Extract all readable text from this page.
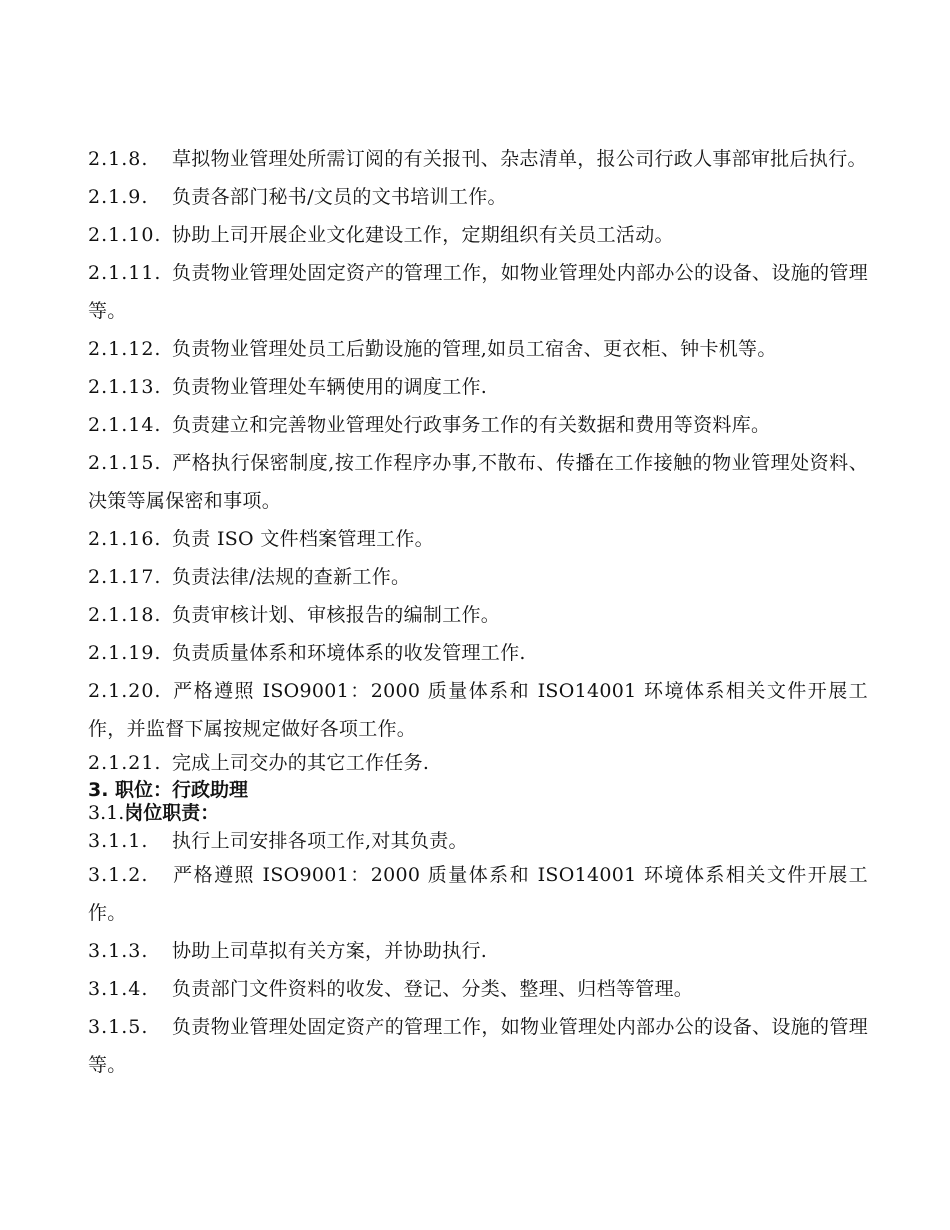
2.1.8. 草拟物业管理处所需订阅的有关报刊、杂志清单，报公司行政人事部审批后执行。

2.1.9. 负责各部门秘书/文员的文书培训工作。

2.1.10. 协助上司开展企业文化建设工作，定期组织有关员工活动。

2.1.11. 负责物业管理处固定资产的管理工作，如物业管理处内部办公的设备、设施的管理等。

2.1.12. 负责物业管理处员工后勤设施的管理,如员工宿舍、更衣柜、钟卡机等。

2.1.13. 负责物业管理处车辆使用的调度工作.

2.1.14. 负责建立和完善物业管理处行政事务工作的有关数据和费用等资料库。

2.1.15. 严格执行保密制度,按工作程序办事,不散布、传播在工作接触的物业管理处资料、决策等属保密和事项。

2.1.16. 负责 ISO 文件档案管理工作。

2.1.17. 负责法律/法规的查新工作。

2.1.18. 负责审核计划、审核报告的编制工作。

2.1.19. 负责质量体系和环境体系的收发管理工作.

2.1.20. 严格遵照 ISO9001：2000 质量体系和 ISO14001 环境体系相关文件开展工作，并监督下属按规定做好各项工作。

2.1.21. 完成上司交办的其它工作任务.

3. 职位：行政助理
3.1.岗位职责：

3.1.1. 执行上司安排各项工作,对其负责。

3.1.2. 严格遵照 ISO9001：2000 质量体系和 ISO14001 环境体系相关文件开展工作。

3.1.3. 协助上司草拟有关方案，并协助执行.

3.1.4. 负责部门文件资料的收发、登记、分类、整理、归档等管理。

3.1.5. 负责物业管理处固定资产的管理工作，如物业管理处内部办公的设备、设施的管理等。
